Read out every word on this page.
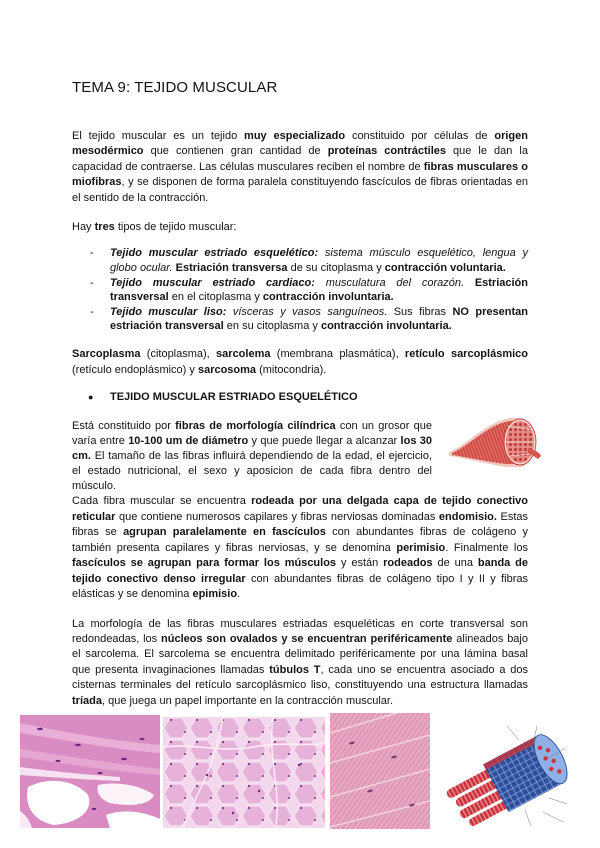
TEMA 9: TEJIDO MUSCULAR

El tejido muscular es un tejido muy especializado constituido por células de origen mesodérmico que contienen gran cantidad de proteínas contráctiles que le dan la capacidad de contraerse. Las células musculares reciben el nombre de fibras musculares o miofibras, y se disponen de forma paralela constituyendo fascículos de fibras orientadas en el sentido de la contracción.

Hay tres tipos de tejido muscular:

- Tejido muscular estriado esquelético: sistema músculo esquelético, lengua y globo ocular. Estriación transversa de su citoplasma y contracción voluntaria.
- Tejido muscular estriado cardiaco: musculatura del corazón. Estriación transversal en el citoplasma y contracción involuntaria.
- Tejido muscular liso: vísceras y vasos sanguíneos. Sus fibras NO presentan estriación transversal en su citoplasma y contracción involuntaria.

Sarcoplasma (citoplasma), sarcolema (membrana plasmática), retículo sarcoplásmico (retículo endoplásmico) y sarcosoma (mitocondria).

● TEJIDO MUSCULAR ESTRIADO ESQUELÉTICO

Está constituido por fibras de morfología cilíndrica con un grosor que varía entre 10-100 um de diámetro y que puede llegar a alcanzar los 30 cm. El tamaño de las fibras influirá dependiendo de la edad, el ejercicio, el estado nutricional, el sexo y aposicion de cada fibra dentro del músculo.

Cada fibra muscular se encuentra rodeada por una delgada capa de tejido conectivo reticular que contiene numerosos capilares y fibras nerviosas dominadas endomisio. Estas fibras se agrupan paralelamente en fascículos con abundantes fibras de colágeno y también presenta capilares y fibras nerviosas, y se denomina perimisio. Finalmente los fascículos se agrupan para formar los músculos y están rodeados de una banda de tejido conectivo denso irregular con abundantes fibras de colágeno tipo I y II y fibras elásticas y se denomina epimisio.

La morfología de las fibras musculares estriadas esqueléticas en corte transversal son redondeadas, los núcleos son ovalados y se encuentran periféricamente alineados bajo el sarcolema. El sarcolema se encuentra delimitado periféricamente por una lámina basal que presenta invaginaciones llamadas túbulos T, cada uno se encuentra asociado a dos cisternas terminales del retículo sarcoplásmico liso, constituyendo una estructura llamadas tríada, que juega un papel importante en la contracción muscular.
